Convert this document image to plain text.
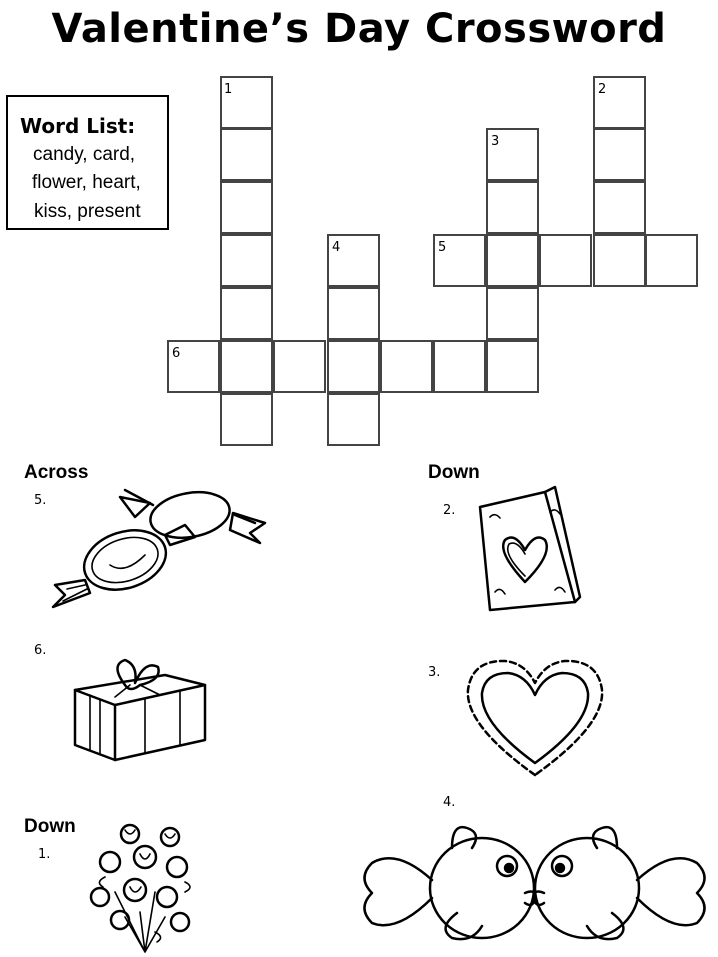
Valentine’s Day Crossword
Word List:
candy, card,
flower, heart,
kiss, present
1	2
3
4	5
6
Across	Down
Down
5.
6.
1.
2.
3.
4.
